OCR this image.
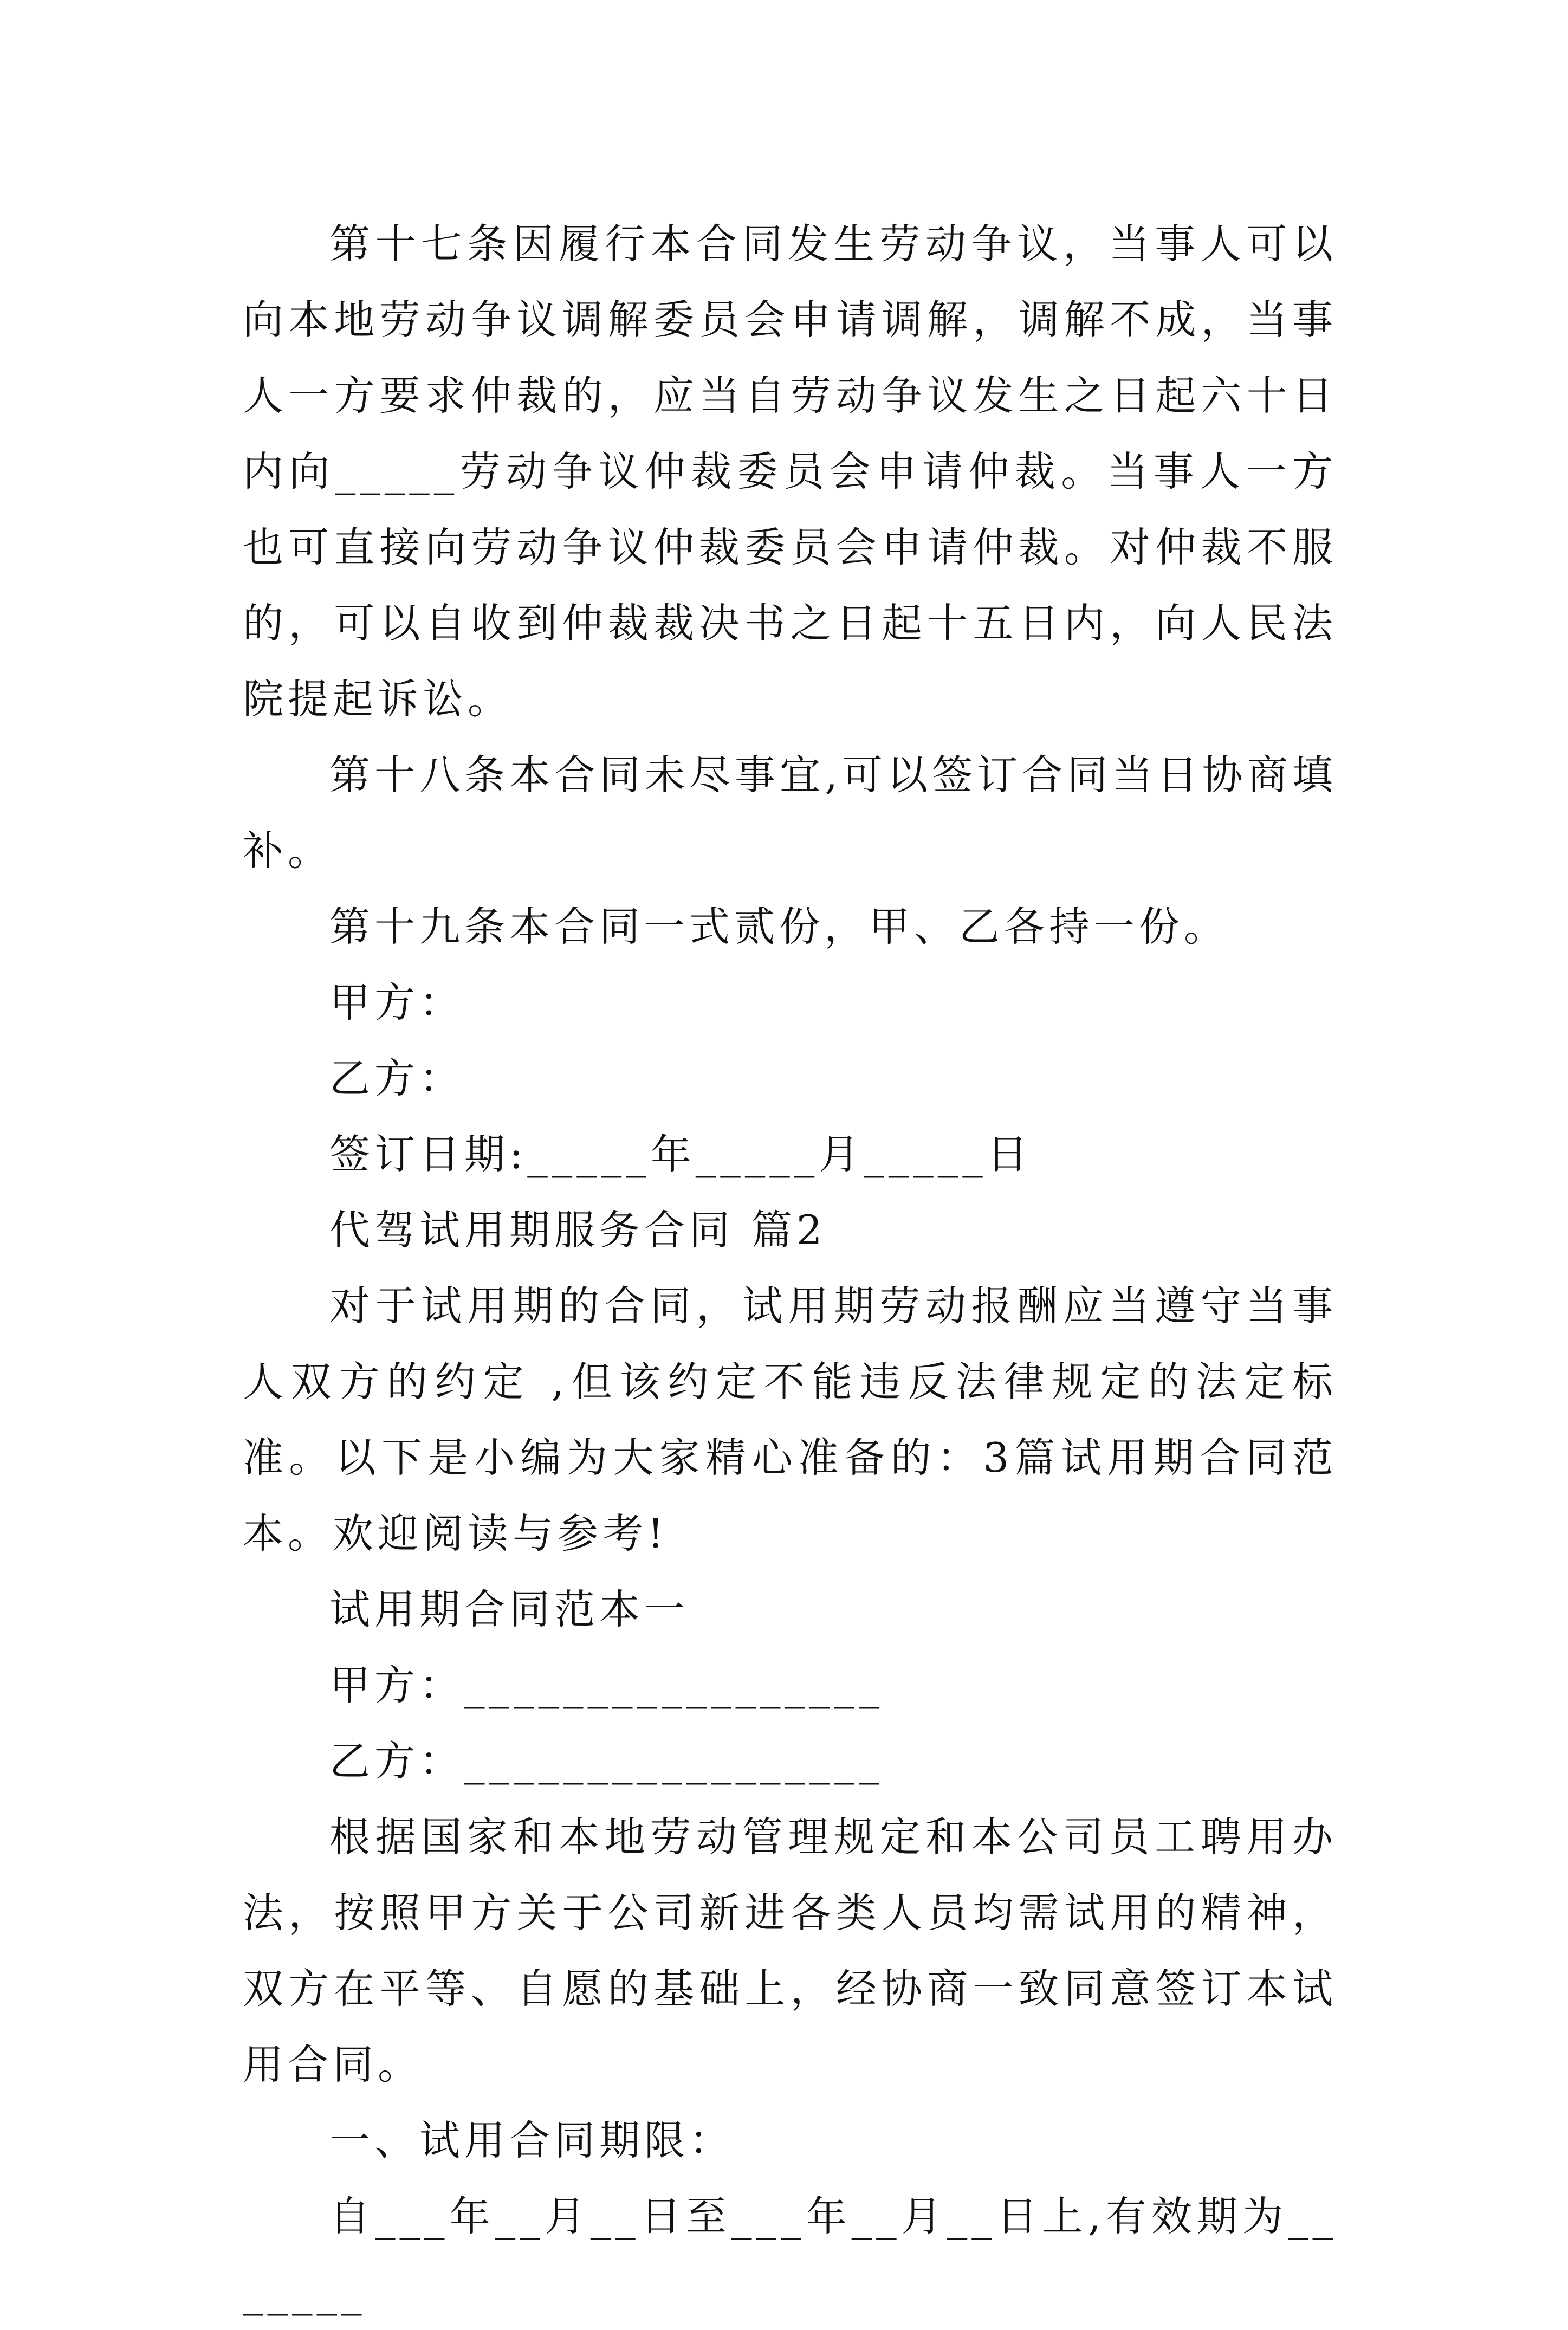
第十七条因履行本合同发生劳动争议，当事人可以向本地劳动争议调解委员会申请调解，调解不成，当事人一方要求仲裁的，应当自劳动争议发生之日起六十日内向_____劳动争议仲裁委员会申请仲裁。当事人一方也可直接向劳动争议仲裁委员会申请仲裁。对仲裁不服的，可以自收到仲裁裁决书之日起十五日内，向人民法院提起诉讼。

第十八条本合同未尽事宜,可以签订合同当日协商填补。

第十九条本合同一式贰份，甲、乙各持一份。

甲方：

乙方：

签订日期:_____年_____月_____日

代驾试用期服务合同 篇2

对于试用期的合同，试用期劳动报酬应当遵守当事人双方的约定 ,但该约定不能违反法律规定的法定标准。以下是小编为大家精心准备的：3篇试用期合同范本。欢迎阅读与参考!

试用期合同范本一

甲方：_________________

乙方：_________________

根据国家和本地劳动管理规定和本公司员工聘用办法，按照甲方关于公司新进各类人员均需试用的精神，双方在平等、自愿的基础上，经协商一致同意签订本试用合同。

一、试用合同期限：

自___年__月__日至___年__月__日上,有效期为_______
